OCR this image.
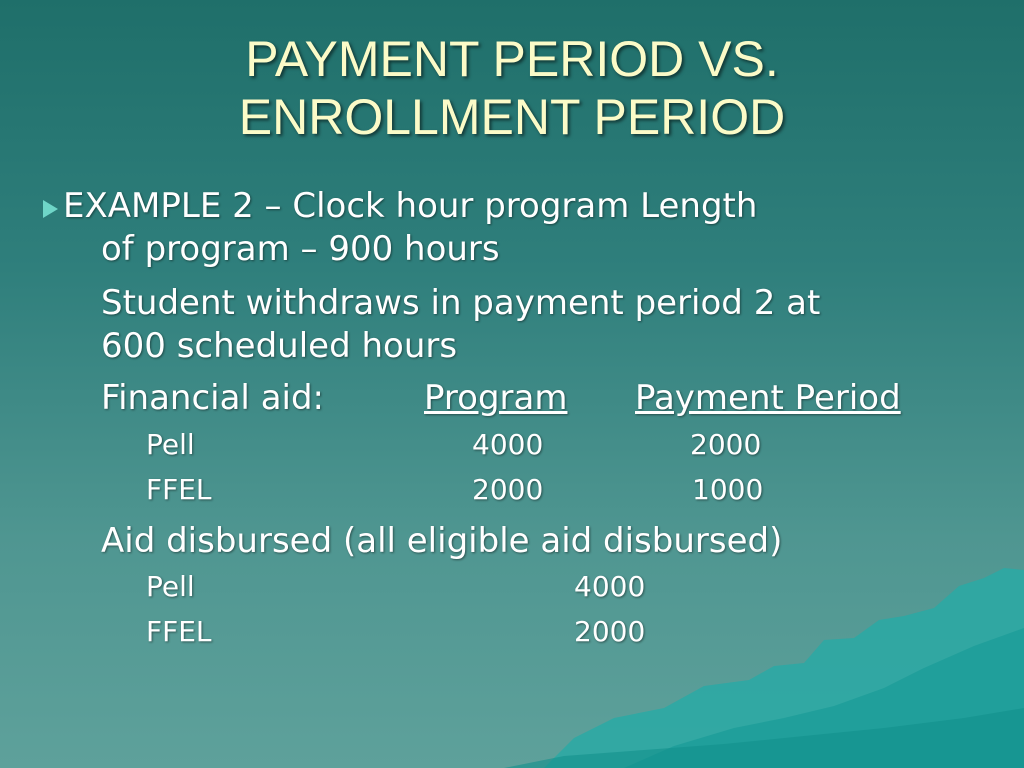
PAYMENT PERIOD VS.
ENROLLMENT PERIOD
EXAMPLE 2 – Clock hour program Length
of program – 900 hours
Student withdraws in payment period 2 at
600 scheduled hours
Financial aid:	Program Payment Period
Pell	4000	2000
FFEL	2000	1000
Aid disbursed (all eligible aid disbursed)
Pell	4000
FFEL	2000
